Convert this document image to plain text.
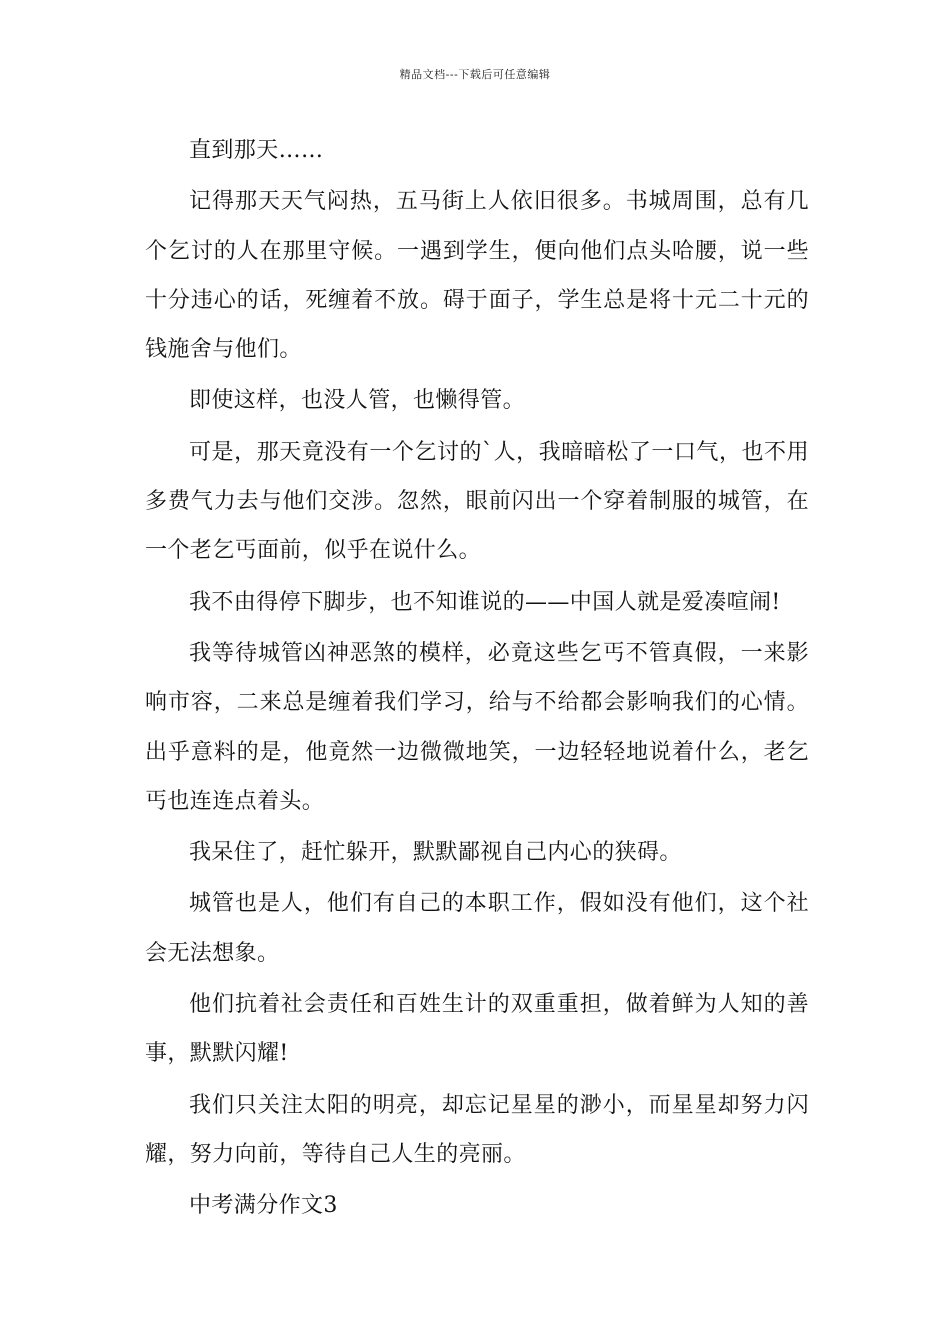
精品文档---下载后可任意编辑

直到那天……

记得那天天气闷热，五马街上人依旧很多。书城周围，总有几个乞讨的人在那里守候。一遇到学生，便向他们点头哈腰，说一些十分违心的话，死缠着不放。碍于面子，学生总是将十元二十元的钱施舍与他们。

即使这样，也没人管，也懒得管。

可是，那天竟没有一个乞讨的`人，我暗暗松了一口气，也不用多费气力去与他们交涉。忽然，眼前闪出一个穿着制服的城管，在一个老乞丐面前，似乎在说什么。

我不由得停下脚步，也不知谁说的——中国人就是爱凑喧闹!

我等待城管凶神恶煞的模样，必竟这些乞丐不管真假，一来影响市容，二来总是缠着我们学习，给与不给都会影响我们的心情。出乎意料的是，他竟然一边微微地笑，一边轻轻地说着什么，老乞丐也连连点着头。

我呆住了，赶忙躲开，默默鄙视自己内心的狭碍。

城管也是人，他们有自己的本职工作，假如没有他们，这个社会无法想象。

他们抗着社会责任和百姓生计的双重重担，做着鲜为人知的善事，默默闪耀!

我们只关注太阳的明亮，却忘记星星的渺小，而星星却努力闪耀，努力向前，等待自己人生的亮丽。

中考满分作文3
